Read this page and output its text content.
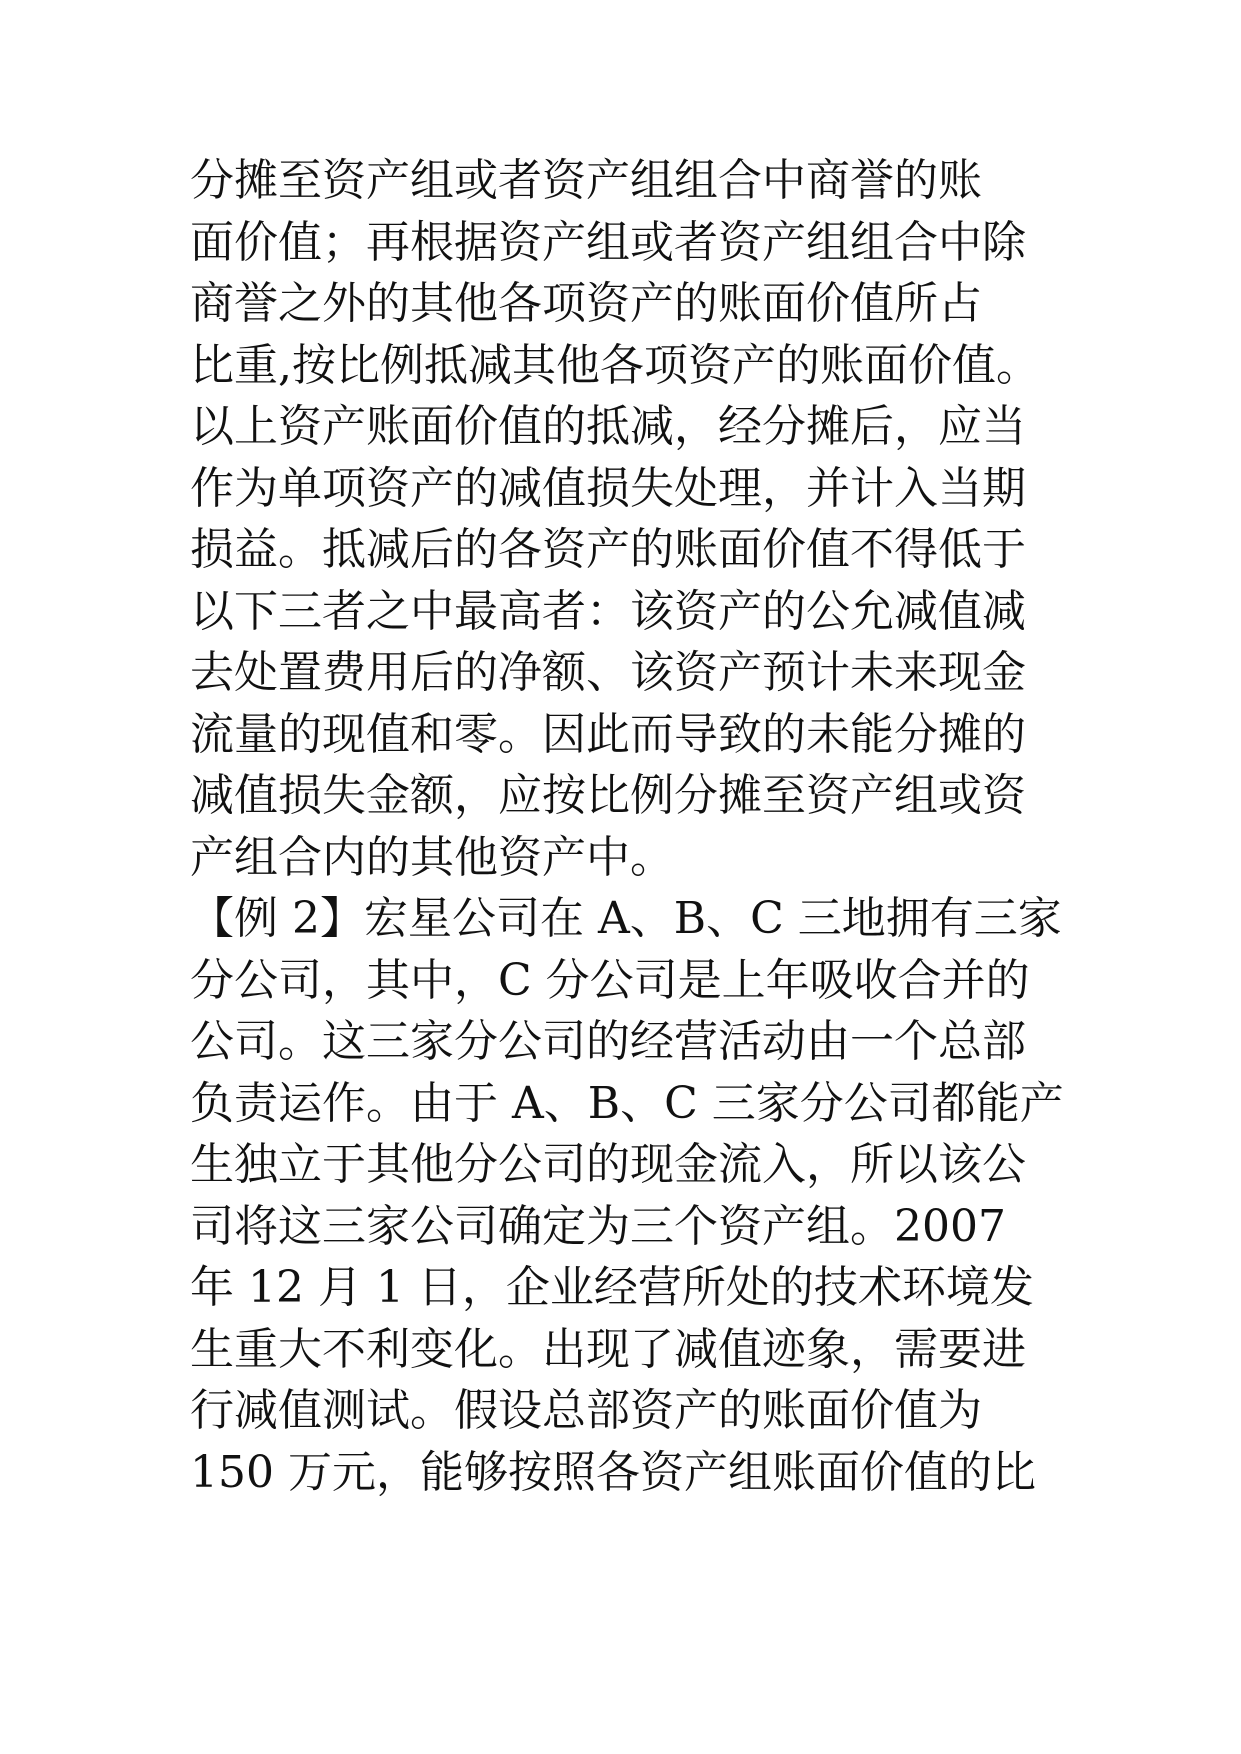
分摊至资产组或者资产组组合中商誉的账
面价值；再根据资产组或者资产组组合中除
商誉之外的其他各项资产的账面价值所占
比重,按比例抵减其他各项资产的账面价值。
以上资产账面价值的抵减，经分摊后，应当
作为单项资产的减值损失处理，并计入当期
损益。抵减后的各资产的账面价值不得低于
以下三者之中最高者：该资产的公允减值减
去处置费用后的净额、该资产预计未来现金
流量的现值和零。因此而导致的未能分摊的
减值损失金额，应按比例分摊至资产组或资
产组合内的其他资产中。
【例 2】宏星公司在 A、B、C 三地拥有三家
分公司，其中，C 分公司是上年吸收合并的
公司。这三家分公司的经营活动由一个总部
负责运作。由于 A、B、C 三家分公司都能产
生独立于其他分公司的现金流入，所以该公
司将这三家公司确定为三个资产组。2007
年 12 月 1 日，企业经营所处的技术环境发
生重大不利变化。出现了减值迹象，需要进
行减值测试。假设总部资产的账面价值为
150 万元，能够按照各资产组账面价值的比
